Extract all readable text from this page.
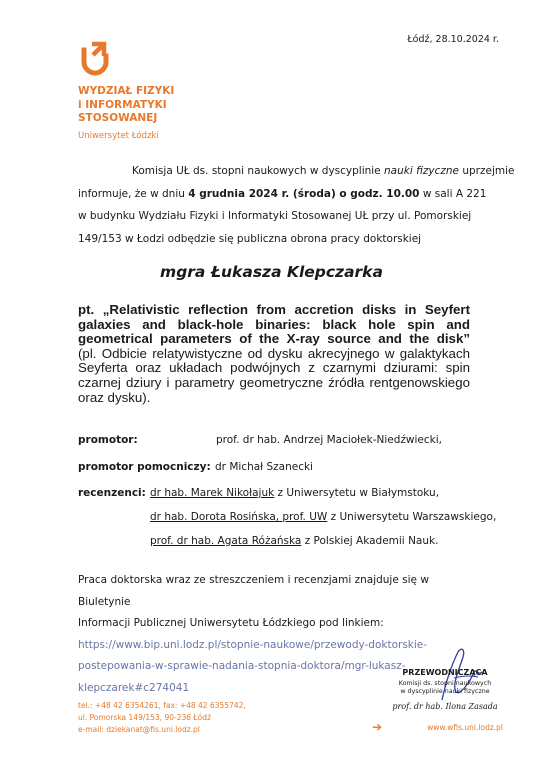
Łódź, 28.10.2024 r.
WYDZIAŁ FIZYKI
i INFORMATYKI
STOSOWANEJ
Uniwersytet Łódzki
Komisja UŁ ds. stopni naukowych w dyscyplinie nauki fizyczne uprzejmie
informuje, że w dniu 4 grudnia 2024 r. (środa) o godz. 10.00 w sali A 221
w budynku Wydziału Fizyki i Informatyki Stosowanej UŁ przy ul. Pomorskiej
149/153 w Łodzi odbędzie się publiczna obrona pracy doktorskiej
mgra Łukasza Klepczarka
pt. „Relativistic reflection from accretion disks in Seyfert
galaxies and black-hole binaries: black hole spin and
geometrical parameters of the X-ray source and the disk”
(pl. Odbicie relatywistyczne od dysku akrecyjnego w galaktykach
Seyferta oraz układach podwójnych z czarnymi dziurami: spin
czarnej dziury i parametry geometryczne źródła rentgenowskiego
oraz dysku).
promotor:	prof. dr hab. Andrzej Maciołek-Niedźwiecki,
promotor pomocniczy: dr Michał Szanecki
recenzenci: dr hab. Marek Nikołajuk z Uniwersytetu w Białymstoku,
dr hab. Dorota Rosińska, prof. UW z Uniwersytetu Warszawskiego,
prof. dr hab. Agata Różańska z Polskiej Akademii Nauk.
Praca doktorska wraz ze streszczeniem i recenzjami znajduje się w Biuletynie
Informacji Publicznej Uniwersytetu Łódzkiego pod linkiem:
https://www.bip.uni.lodz.pl/stopnie-naukowe/przewody-doktorskie-
postepowania-w-sprawie-nadania-stopnia-doktora/mgr-lukasz-
klepczarek#c274041
PRZEWODNICZĄCA
Komisji ds. stopni naukowych
w dyscyplinie nauki fizyczne
prof. dr hab. Ilona Zasada
tel.: +48 42 6354261, fax: +48 42 6355742,
ul. Pomorska 149/153, 90-236 Łódź
e-mail: dziekanat@fis.uni.lodz.pl	➔	www.wfis.uni.lodz.pl
